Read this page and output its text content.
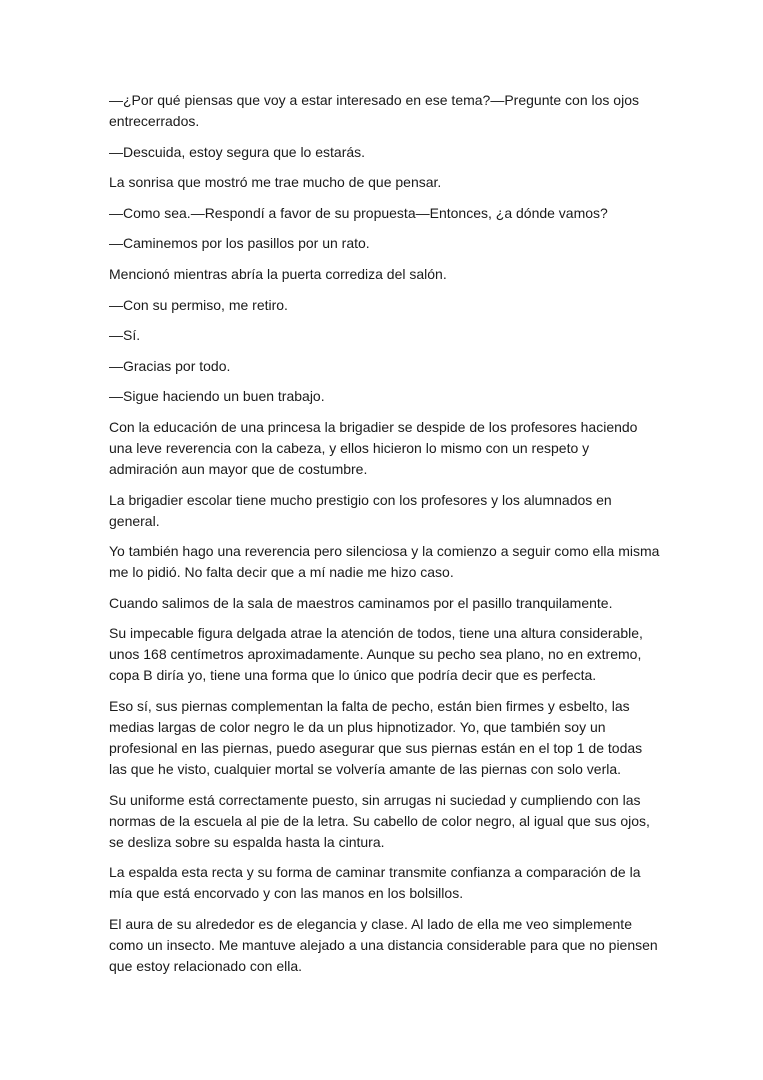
—¿Por qué piensas que voy a estar interesado en ese tema?—Pregunte con los ojos entrecerrados.

—Descuida, estoy segura que lo estarás.

La sonrisa que mostró me trae mucho de que pensar.

—Como sea.—Respondí a favor de su propuesta—Entonces, ¿a dónde vamos?

—Caminemos por los pasillos por un rato.

Mencionó mientras abría la puerta corrediza del salón.

—Con su permiso, me retiro.

—Sí.

—Gracias por todo.

—Sigue haciendo un buen trabajo.

Con la educación de una princesa la brigadier se despide de los profesores haciendo una leve reverencia con la cabeza, y ellos hicieron lo mismo con un respeto y admiración aun mayor que de costumbre.

La brigadier escolar tiene mucho prestigio con los profesores y los alumnados en general.

Yo también hago una reverencia pero silenciosa y la comienzo a seguir como ella misma me lo pidió. No falta decir que a mí nadie me hizo caso.

Cuando salimos de la sala de maestros caminamos por el pasillo tranquilamente.

Su impecable figura delgada atrae la atención de todos, tiene una altura considerable, unos 168 centímetros aproximadamente. Aunque su pecho sea plano, no en extremo, copa B diría yo, tiene una forma que lo único que podría decir que es perfecta.

Eso sí, sus piernas complementan la falta de pecho, están bien firmes y esbelto, las medias largas de color negro le da un plus hipnotizador. Yo, que también soy un profesional en las piernas, puedo asegurar que sus piernas están en el top 1 de todas las que he visto, cualquier mortal se volvería amante de las piernas con solo verla.

Su uniforme está correctamente puesto, sin arrugas ni suciedad y cumpliendo con las normas de la escuela al pie de la letra. Su cabello de color negro, al igual que sus ojos, se desliza sobre su espalda hasta la cintura.

La espalda esta recta y su forma de caminar transmite confianza a comparación de la mía que está encorvado y con las manos en los bolsillos.

El aura de su alrededor es de elegancia y clase. Al lado de ella me veo simplemente como un insecto. Me mantuve alejado a una distancia considerable para que no piensen que estoy relacionado con ella.
